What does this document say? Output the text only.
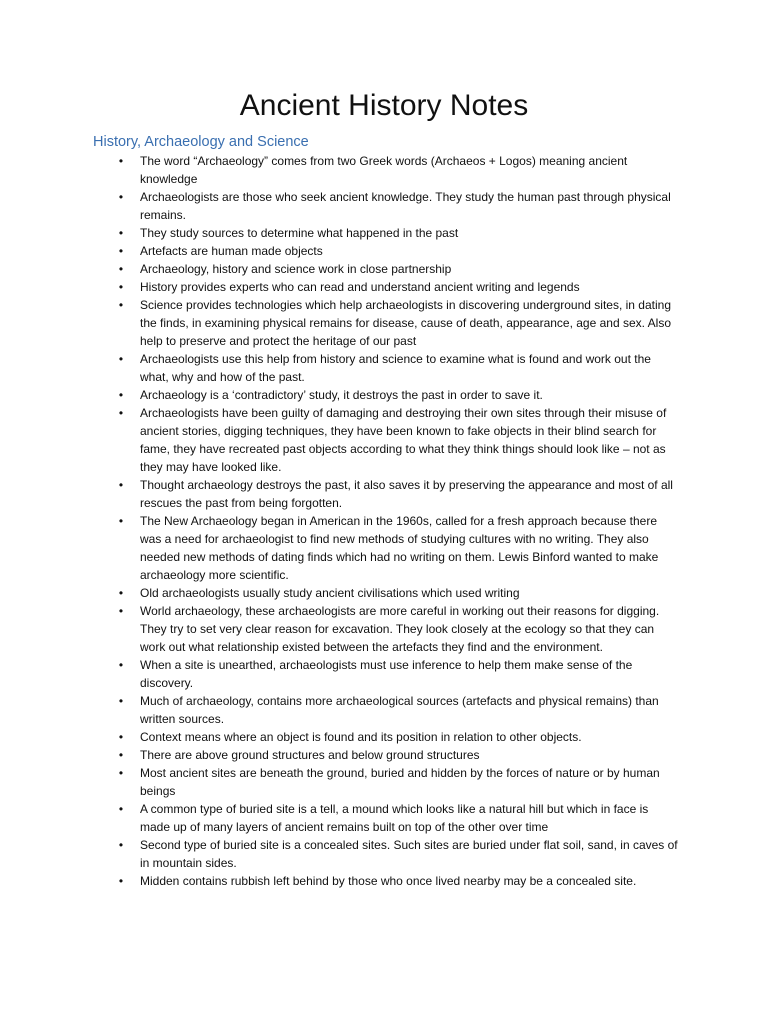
Ancient History Notes
History, Archaeology and Science
• The word “Archaeology” comes from two Greek words (Archaeos + Logos) meaning ancient knowledge
• Archaeologists are those who seek ancient knowledge. They study the human past through physical remains.
• They study sources to determine what happened in the past
• Artefacts are human made objects
• Archaeology, history and science work in close partnership
• History provides experts who can read and understand ancient writing and legends
• Science provides technologies which help archaeologists in discovering underground sites, in dating the finds, in examining physical remains for disease, cause of death, appearance, age and sex. Also help to preserve and protect the heritage of our past
• Archaeologists use this help from history and science to examine what is found and work out the what, why and how of the past.
• Archaeology is a ‘contradictory’ study, it destroys the past in order to save it.
• Archaeologists have been guilty of damaging and destroying their own sites through their misuse of ancient stories, digging techniques, they have been known to fake objects in their blind search for fame, they have recreated past objects according to what they think things should look like – not as they may have looked like.
• Thought archaeology destroys the past, it also saves it by preserving the appearance and most of all rescues the past from being forgotten.
• The New Archaeology began in American in the 1960s, called for a fresh approach because there was a need for archaeologist to find new methods of studying cultures with no writing. They also needed new methods of dating finds which had no writing on them. Lewis Binford wanted to make archaeology more scientific.
• Old archaeologists usually study ancient civilisations which used writing
• World archaeology, these archaeologists are more careful in working out their reasons for digging. They try to set very clear reason for excavation. They look closely at the ecology so that they can work out what relationship existed between the artefacts they find and the environment.
• When a site is unearthed, archaeologists must use inference to help them make sense of the discovery.
• Much of archaeology, contains more archaeological sources (artefacts and physical remains) than written sources.
• Context means where an object is found and its position in relation to other objects.
• There are above ground structures and below ground structures
• Most ancient sites are beneath the ground, buried and hidden by the forces of nature or by human beings
• A common type of buried site is a tell, a mound which looks like a natural hill but which in face is made up of many layers of ancient remains built on top of the other over time
• Second type of buried site is a concealed sites. Such sites are buried under flat soil, sand, in caves of in mountain sides.
• Midden contains rubbish left behind by those who once lived nearby may be a concealed site.
